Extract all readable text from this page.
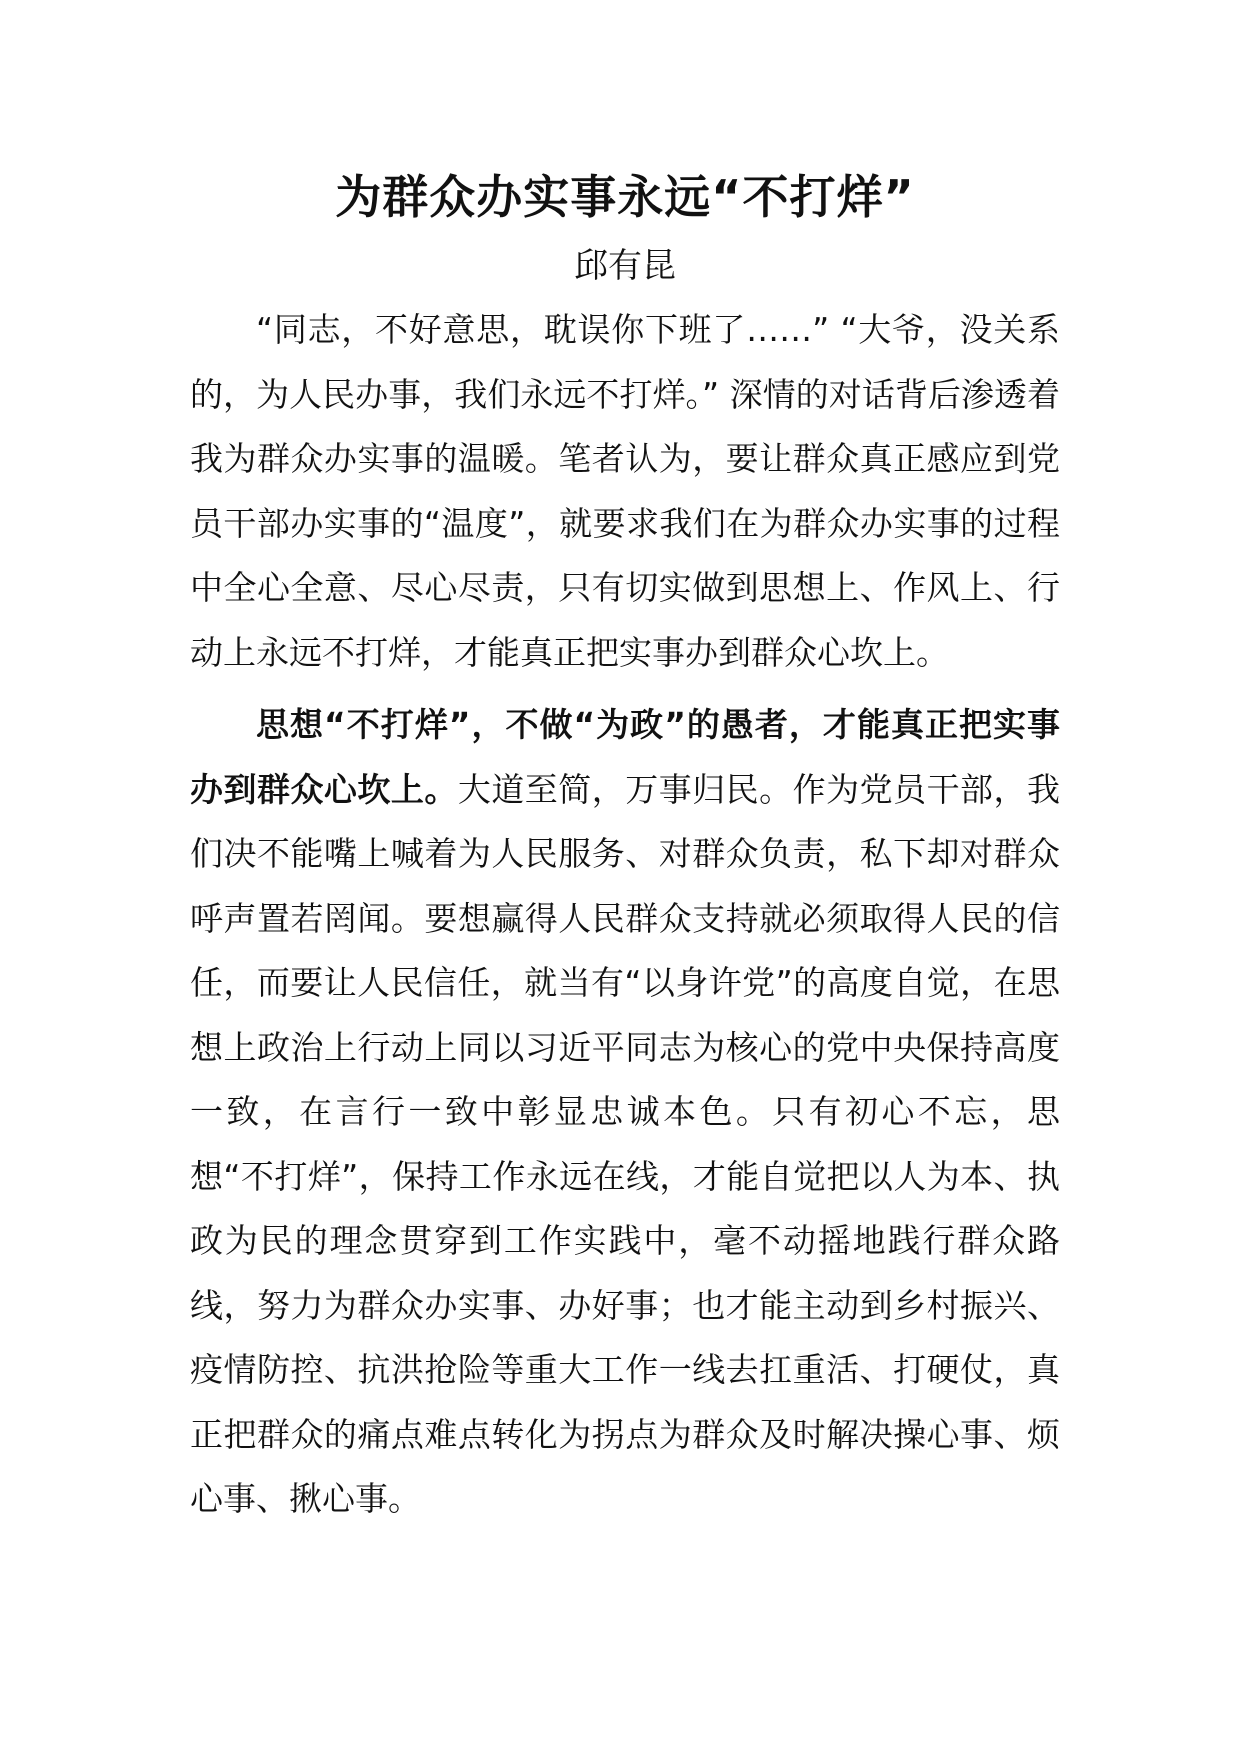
为群众办实事永远“不打烊”

邱有昆

“同志，不好意思，耽误你下班了……” “大爷，没关系的，为人民办事，我们永远不打烊。” 深情的对话背后渗透着我为群众办实事的温暖。笔者认为，要让群众真正感应到党员干部办实事的“温度”，就要求我们在为群众办实事的过程中全心全意、尽心尽责，只有切实做到思想上、作风上、行动上永远不打烊，才能真正把实事办到群众心坎上。

思想“不打烊”，不做“为政”的愚者，才能真正把实事办到群众心坎上。大道至简，万事归民。作为党员干部，我们决不能嘴上喊着为人民服务、对群众负责，私下却对群众呼声置若罔闻。要想赢得人民群众支持就必须取得人民的信任，而要让人民信任，就当有“以身许党”的高度自觉，在思想上政治上行动上同以习近平同志为核心的党中央保持高度一致，在言行一致中彰显忠诚本色。只有初心不忘，思想“不打烊”，保持工作永远在线，才能自觉把以人为本、执政为民的理念贯穿到工作实践中，毫不动摇地践行群众路线，努力为群众办实事、办好事；也才能主动到乡村振兴、疫情防控、抗洪抢险等重大工作一线去扛重活、打硬仗，真正把群众的痛点难点转化为拐点为群众及时解决操心事、烦心事、揪心事。
